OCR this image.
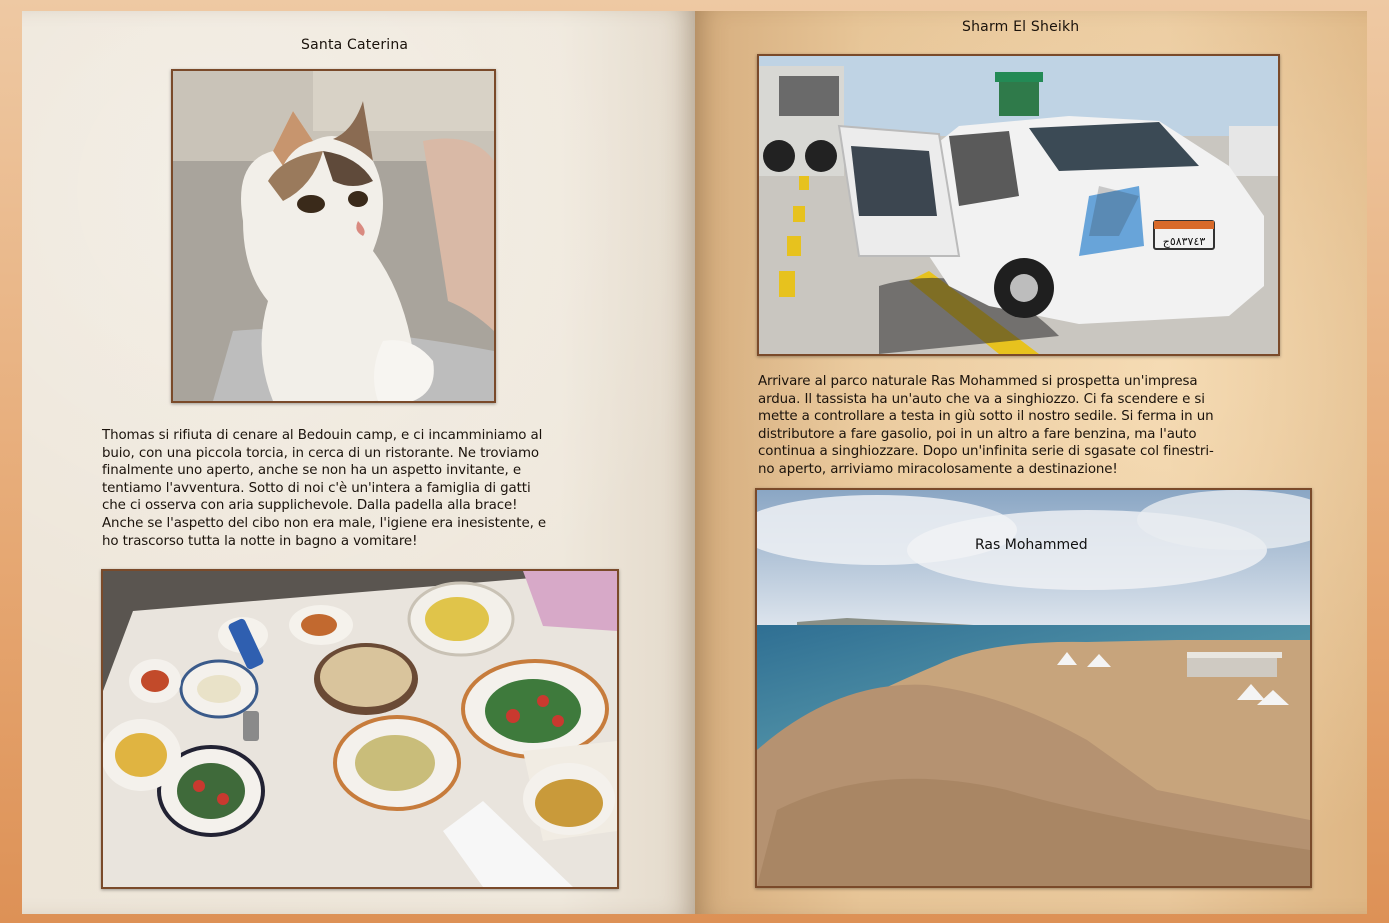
Santa Caterina

Thomas si rifiuta di cenare al Bedouin camp, e ci incamminiamo al
buio, con una piccola torcia, in cerca di un ristorante. Ne troviamo
finalmente uno aperto, anche se non ha un aspetto invitante, e
tentiamo l'avventura. Sotto di noi c'è un'intera a famiglia di gatti
che ci osserva con aria supplichevole. Dalla padella alla brace!
Anche se l'aspetto del cibo non era male, l'igiene era inesistente, e
ho trascorso tutta la notte in bagno a vomitare!

Sharm El Sheikh
٥٨٣٧٤٣ج

Arrivare al parco naturale Ras Mohammed si prospetta un'impresa
ardua. Il tassista ha un'auto che va a singhiozzo. Ci fa scendere e si
mette a controllare a testa in giù sotto il nostro sedile. Si ferma in un
distributore a fare gasolio, poi in un altro a fare benzina, ma l'auto
continua a singhiozzare. Dopo un'infinita serie di sgasate col finestri-
no aperto, arriviamo miracolosamente a destinazione!

Ras Mohammed
